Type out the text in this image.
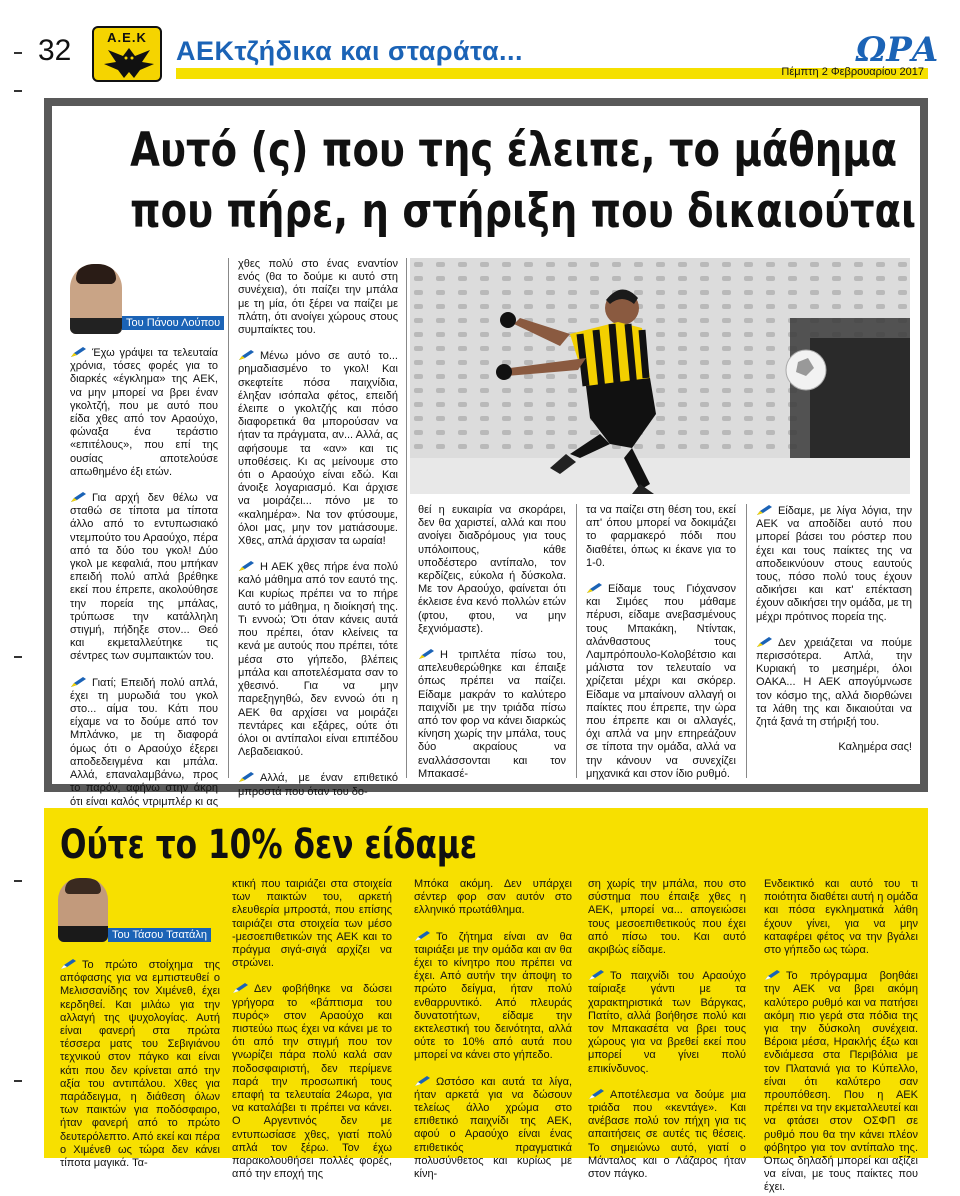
32	Α.Ε.Κ	AEKτζήδικα και σταράτα...	ΩΡΑ
Πέμπτη 2 Φεβρουαρίου 2017
Αυτό (ς) που της έλειπε, το μάθημα
που πήρε, η στήριξη που δικαιούται
Του Πάνου Λούπου

Έχω γράψει τα τελευταία χρόνια, τόσες φορές για το διαρκές «έγκλημα» της ΑΕΚ, να μην μπορεί να βρει έναν γκολτζή, που με αυτό που είδα χθες από τον Αραούχο, φώναξα ένα τεράστιο «επιτέλους», που επί της ουσίας αποτελούσε απωθημένο έξι ετών.

Για αρχή δεν θέλω να σταθώ σε τίποτα μα τίποτα άλλο από το εντυπωσιακό ντεμπούτο του Αραούχο, πέρα από τα δύο του γκολ! Δύο γκολ με κεφαλιά, που μπήκαν επειδή πολύ απλά βρέθηκε εκεί που έπρεπε, ακολούθησε την πορεία της μπάλας, τρύπωσε την κατάλληλη στιγμή, πήδηξε στον... Θεό και εκμεταλλεύτηκε τις σέντρες των συμπαικτών του.

Γιατί; Επειδή πολύ απλά, έχει τη μυρωδιά του γκολ στο... αίμα του. Κάτι που είχαμε να το δούμε από τον Μπλάνκο, με τη διαφορά όμως ότι ο Αραούχο έξερει αποδεδειγμένα και μπάλα. Αλλά, επαναλαμβάνω, προς το παρόν, αφήνω στην άκρη ότι είναι καλός ντριμπλέρ κι ας

χθες πολύ στο ένας εναντίον ενός (θα το δούμε κι αυτό στη συνέχεια), ότι παίζει την μπάλα με τη μία, ότι ξέρει να παίζει με πλάτη, ότι ανοίγει χώρους στους συμπαίκτες του.

Μένω μόνο σε αυτό το... ρημαδιασμένο το γκολ! Και σκεφτείτε πόσα παιχνίδια, έληξαν ισόπαλα φέτος, επειδή έλειπε ο γκολτζής και πόσο διαφορετικά θα μπορούσαν να ήταν τα πράγματα, αν... Αλλά, ας αφήσουμε τα «αν» και τις υποθέσεις. Κι ας μείνουμε στο ότι ο Αραούχο είναι εδώ. Και άνοιξε λογαριασμό. Και άρχισε να μοιράζει... πόνο με το «καλημέρα». Να τον φτύσουμε, όλοι μας, μην τον ματιάσουμε. Χθες, απλά άρχισαν τα ωραία!

Η ΑΕΚ χθες πήρε ένα πολύ καλό μάθημα από τον εαυτό της. Και κυρίως πρέπει να το πήρε αυτό το μάθημα, η διοίκησή της. Τι εννοώ; Ότι όταν κάνεις αυτά που πρέπει, όταν κλείνεις τα κενά με αυτούς που πρέπει, τότε μέσα στο γήπεδο, βλέπεις μπάλα και αποτελέσματα σαν το χθεσινό. Για να μην παρεξηγηθώ, δεν εννοώ ότι η ΑΕΚ θα αρχίσει να μοιράζει πεντάρες και εξάρες, ούτε ότι όλοι οι αντίπαλοι είναι επιπέδου Λεβαδειακού.

Αλλά, με έναν επιθετικό μπροστά που όταν του δο-

θεί η ευκαιρία να σκοράρει, δεν θα χαριστεί, αλλά και που ανοίγει διαδρόμους για τους υπόλοιπους, κάθε υποδέστερο αντίπαλο, τον κερδίζεις, εύκολα ή δύσκολα. Με τον Αραούχο, φαίνεται ότι έκλεισε ένα κενό πολλών ετών (φτου, φτου, να μην ξεχνιόμαστε).

Η τριπλέτα πίσω του, απελευθερώθηκε και έπαιξε όπως πρέπει να παίζει. Είδαμε μακράν το καλύτερο παιχνίδι με την τριάδα πίσω από τον φορ να κάνει διαρκώς κίνηση χωρίς την μπάλα, τους δύο ακραίους να εναλλάσσονται και τον Μπακασέ-

τα να παίζει στη θέση του, εκεί απ' όπου μπορεί να δοκιμάζει το φαρμακερό πόδι που διαθέτει, όπως κι έκανε για το 1-0.

Είδαμε τους Γιόχανσον και Σιμόες που μάθαμε πέρυσι, είδαμε ανεβασμένους τους Μπακάκη, Ντίντακ, αλάνθαστους τους Λαμπρόπουλο-Κολοβέτσιο και μάλιστα τον τελευταίο να χρίζεται μέχρι και σκόρερ. Είδαμε να μπαίνουν αλλαγή οι παίκτες που έπρεπε, την ώρα που έπρεπε και οι αλλαγές, όχι απλά να μην επηρεάζουν σε τίποτα την ομάδα, αλλά να την κάνουν να συνεχίζει μηχανικά και στον ίδιο ρυθμό.

Είδαμε, με λίγα λόγια, την ΑΕΚ να αποδίδει αυτό που μπορεί βάσει του ρόστερ που έχει και τους παίκτες της να αποδεικνύουν στους εαυτούς τους, πόσο πολύ τους έχουν αδικήσει και κατ' επέκταση έχουν αδικήσει την ομάδα, με τη μέχρι πρότινος πορεία της.

Δεν χρειάζεται να πούμε περισσότερα. Απλά, την Κυριακή το μεσημέρι, όλοι ΟΑΚΑ... Η ΑΕΚ απογύμνωσε τον κόσμο της, αλλά διορθώνει τα λάθη της και δικαιούται να ζητά ξανά τη στήριξή του.

Καλημέρα σας!

Ούτε το 10% δεν είδαμε
Του Τάσου Τσατάλη

Το πρώτο στοίχημα της απόφασης για να εμπιστευθεί ο Μελισσανίδης τον Χιμένεθ, έχει κερδηθεί. Και μιλάω για την αλλαγή της ψυχολογίας. Αυτή είναι φανερή στα πρώτα τέσσερα ματς του Σεβιγιάνου τεχνικού στον πάγκο και είναι κάτι που δεν κρίνεται από την αξία του αντιπάλου. Χθες για παράδειγμα, η διάθεση όλων των παικτών για ποδόσφαιρο, ήταν φανερή από το πρώτο δευτερόλεπτο. Από εκεί και πέρα ο Χιμένεθ ως τώρα δεν κάνει τίποτα μαγικά. Τα-

κτική που ταιριάζει στα στοιχεία των παικτών του, αρκετή ελευθερία μπροστά, που επίσης ταιριάζει στα στοιχεία των μέσο -μεσοεπιθετικών της ΑΕΚ και το πράγμα σιγά-σιγά αρχίζει να στρώνει.

Δεν φοβήθηκε να δώσει γρήγορα το «βάπτισμα του πυρός» στον Αραούχο και πιστεύω πως έχει να κάνει με το ότι από την στιγμή που τον γνωρίζει πάρα πολύ καλά σαν ποδοσφαιριστή, δεν περίμενε παρά την προσωπική τους επαφή τα τελευταία 24ωρα, για να καταλάβει τι πρέπει να κάνει. Ο Αργεντινός δεν με εντυπωσίασε χθες, γιατί πολύ απλά τον ξέρω. Τον έχω παρακολουθήσει πολλές φορές, από την εποχή της

Μπόκα ακόμη. Δεν υπάρχει σέντερ φορ σαν αυτόν στο ελληνικό πρωτάθλημα.

Το ζήτημα είναι αν θα ταιριάξει με την ομάδα και αν θα έχει το κίνητρο που πρέπει να έχει. Από αυτήν την άποψη το πρώτο δείγμα, ήταν πολύ ενθαρρυντικό. Από πλευράς δυνατοτήτων, είδαμε την εκτελεστική του δεινότητα, αλλά ούτε το 10% από αυτά που μπορεί να κάνει στο γήπεδο.

Ωστόσο και αυτά τα λίγα, ήταν αρκετά για να δώσουν τελείως άλλο χρώμα στο επιθετικό παιχνίδι της ΑΕΚ, αφού ο Αραούχο είναι ένας επιθετικός πραγματικά πολυσύνθετος και κυρίως με κίνη-

ση χωρίς την μπάλα, που στο σύστημα που έπαιξε χθες η ΑΕΚ, μπορεί να... απογειώσει τους μεσοεπιθετικούς που έχει από πίσω του. Και αυτό ακριβώς είδαμε.

Το παιχνίδι του Αραούχο ταίριαξε γάντι με τα χαρακτηριστικά των Βάργκας, Πατίτο, αλλά βοήθησε πολύ και τον Μπακασέτα να βρει τους χώρους για να βρεθεί εκεί που μπορεί να γίνει πολύ επικίνδυνος.

Αποτέλεσμα να δούμε μια τριάδα που «κεντάγε». Και ανέβασε πολύ τον πήχη για τις απαιτήσεις σε αυτές τις θέσεις. Το σημειώνω αυτό, γιατί ο Μάνταλος και ο Λάζαρος ήταν στον πάγκο.

Ενδεικτικό και αυτό του τι ποιότητα διαθέτει αυτή η ομάδα και πόσα εγκληματικά λάθη έχουν γίνει, για να μην καταφέρει φέτος να την βγάλει στο γήπεδο ως τώρα.

Το πρόγραμμα βοηθάει την ΑΕΚ να βρει ακόμη καλύτερο ρυθμό και να πατήσει ακόμη πιο γερά στα πόδια της για την δύσκολη συνέχεια. Βέροια μέσα, Ηρακλής έξω και ενδιάμεσα στα Περιβόλια με τον Πλατανιά για το Κύπελλο, είναι ότι καλύτερο σαν προυπόθεση. Που η ΑΕΚ πρέπει να την εκμεταλλευτεί και να φτάσει στον ΟΣΦΠ σε ρυθμό που θα την κάνει πλέον φόβητρο για τον αντίπαλο της. Όπως δηλαδή μπορεί και αξίζει να είναι, με τους παίκτες που έχει.
